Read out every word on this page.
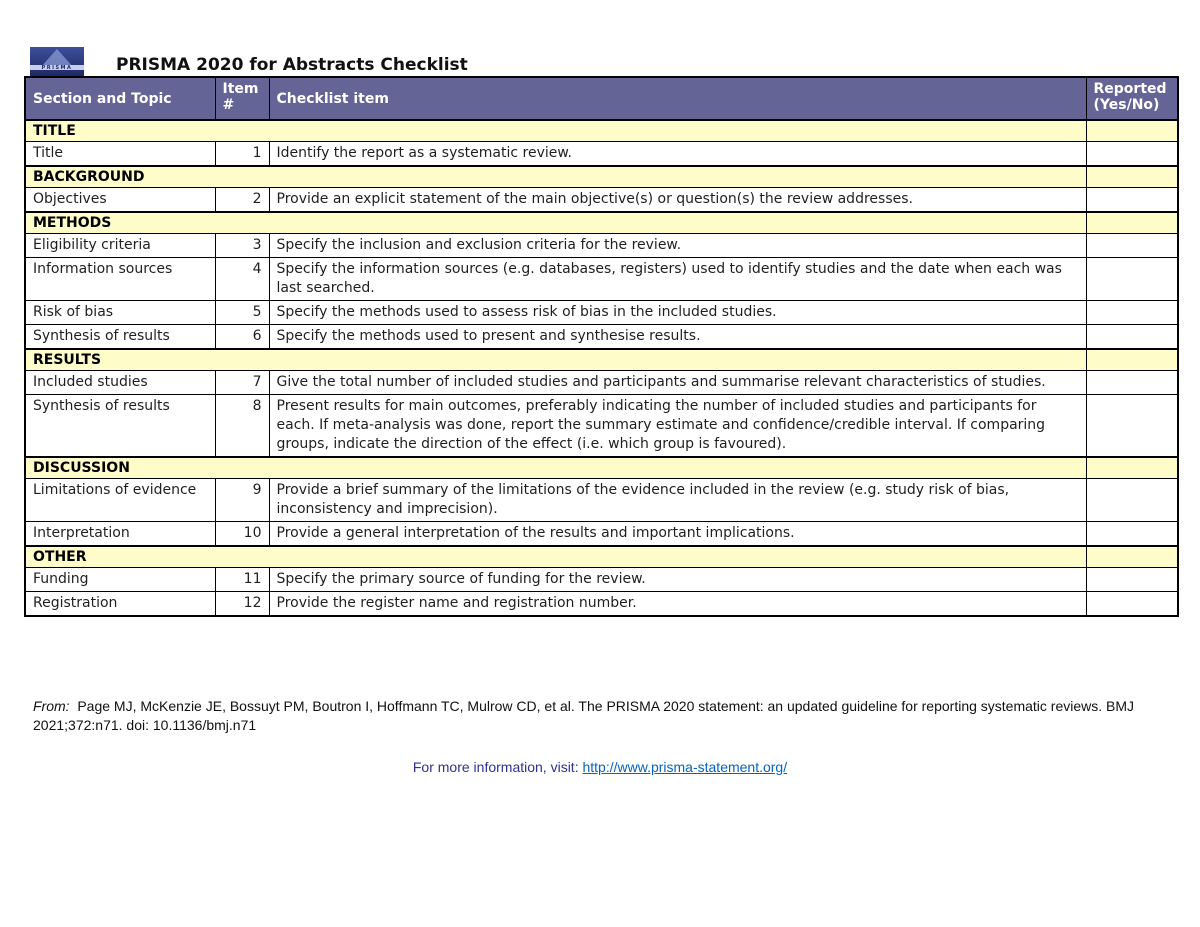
PRISMA	PRISMA 2020 for Abstracts Checklist
Section and Topic	Item #	Checklist item	Reported (Yes/No)
TITLE			
Title	1	Identify the report as a systematic review.	
BACKGROUND			
Objectives	2	Provide an explicit statement of the main objective(s) or question(s) the review addresses.	
METHODS			
Eligibility criteria	3	Specify the inclusion and exclusion criteria for the review.	
Information sources	4	Specify the information sources (e.g. databases, registers) used to identify studies and the date when each was last searched.	
Risk of bias	5	Specify the methods used to assess risk of bias in the included studies.	
Synthesis of results	6	Specify the methods used to present and synthesise results.	
RESULTS			
Included studies	7	Give the total number of included studies and participants and summarise relevant characteristics of studies.	
Synthesis of results	8	Present results for main outcomes, preferably indicating the number of included studies and participants for each. If meta-analysis was done, report the summary estimate and confidence/credible interval. If comparing groups, indicate the direction of the effect (i.e. which group is favoured).	
DISCUSSION			
Limitations of evidence	9	Provide a brief summary of the limitations of the evidence included in the review (e.g. study risk of bias, inconsistency and imprecision).	
Interpretation	10	Provide a general interpretation of the results and important implications.	
OTHER			
Funding	11	Specify the primary source of funding for the review.	
Registration	12	Provide the register name and registration number.	
From: Page MJ, McKenzie JE, Bossuyt PM, Boutron I, Hoffmann TC, Mulrow CD, et al. The PRISMA 2020 statement: an updated guideline for reporting systematic reviews. BMJ 2021;372:n71. doi: 10.1136/bmj.n71
For more information, visit: http://www.prisma-statement.org/
